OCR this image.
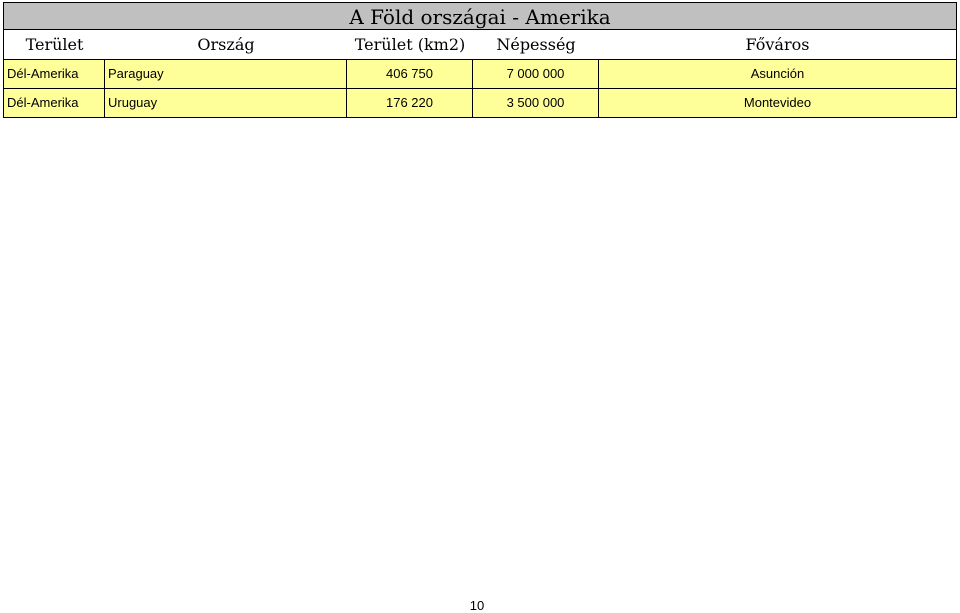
A Föld országai - Amerika
Terület	Ország	Terület (km2)	Népesség	Főváros
Dél-Amerika	Paraguay	406 750	7 000 000	Asunción
Dél-Amerika	Uruguay	176 220	3 500 000	Montevideo
10
